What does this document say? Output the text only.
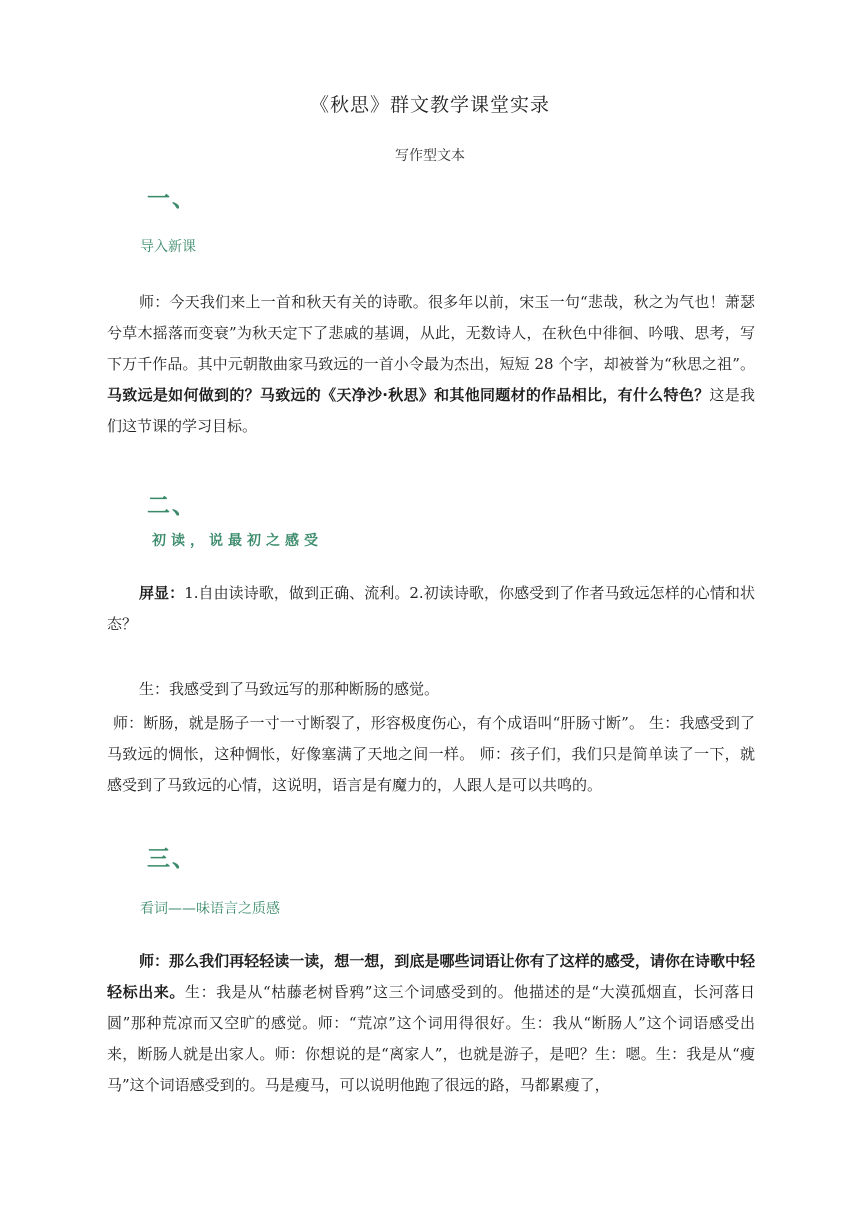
《秋思》群文教学课堂实录
写作型文本
一、
导入新课

师：今天我们来上一首和秋天有关的诗歌。很多年以前，宋玉一句“悲哉，秋之为气也！萧瑟兮草木摇落而变衰”为秋天定下了悲戚的基调，从此，无数诗人，在秋色中徘徊、吟哦、思考，写下万千作品。其中元朝散曲家马致远的一首小令最为杰出，短短 28 个字，却被誉为“秋思之祖”。马致远是如何做到的？马致远的《天净沙·秋思》和其他同题材的作品相比，有什么特色？这是我们这节课的学习目标。

二、
初读，说最初之感受

屏显：1.自由读诗歌，做到正确、流利。2.初读诗歌，你感受到了作者马致远怎样的心情和状态？

生：我感受到了马致远写的那种断肠的感觉。

师：断肠，就是肠子一寸一寸断裂了，形容极度伤心，有个成语叫“肝肠寸断”。 生：我感受到了马致远的惆怅，这种惆怅，好像塞满了天地之间一样。 师：孩子们，我们只是简单读了一下，就感受到了马致远的心情，这说明，语言是有魔力的，人跟人是可以共鸣的。

三、
看词——味语言之质感

师：那么我们再轻轻读一读，想一想，到底是哪些词语让你有了这样的感受，请你在诗歌中轻轻标出来。生：我是从“枯藤老树昏鸦”这三个词感受到的。他描述的是“大漠孤烟直，长河落日圆”那种荒凉而又空旷的感觉。师：“荒凉”这个词用得很好。生：我从“断肠人”这个词语感受出来，断肠人就是出家人。师：你想说的是“离家人”，也就是游子，是吧？生：嗯。生：我是从“瘦马”这个词语感受到的。马是瘦马，可以说明他跑了很远的路，马都累瘦了，
